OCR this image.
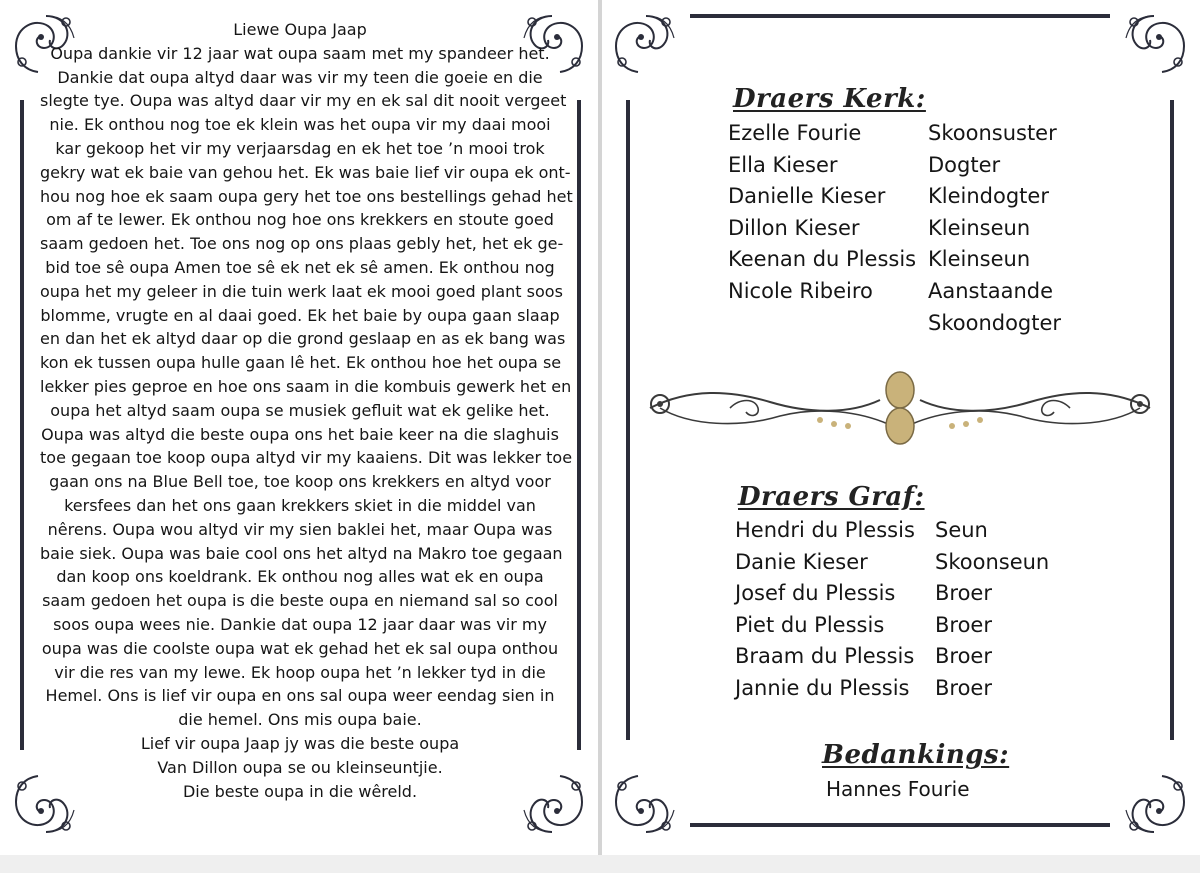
Liewe Oupa Jaap
Oupa dankie vir 12 jaar wat oupa saam met my spandeer het.
Dankie dat oupa altyd daar was vir my teen die goeie en die
slegte tye. Oupa was altyd daar vir my en ek sal dit nooit vergeet
nie. Ek onthou nog toe ek klein was het oupa vir my daai mooi
kar gekoop het vir my verjaarsdag en ek het toe ’n mooi trok
gekry wat ek baie van gehou het. Ek was baie lief vir oupa ek ont-
hou nog hoe ek saam oupa gery het toe ons bestellings gehad het
om af te lewer. Ek onthou nog hoe ons krekkers en stoute goed
saam gedoen het. Toe ons nog op ons plaas gebly het, het ek ge-
bid toe sê oupa Amen toe sê ek net ek sê amen. Ek onthou nog
oupa het my geleer in die tuin werk laat ek mooi goed plant soos
blomme, vrugte en al daai goed. Ek het baie by oupa gaan slaap
en dan het ek altyd daar op die grond geslaap en as ek bang was
kon ek tussen oupa hulle gaan lê het. Ek onthou hoe het oupa se
lekker pies geproe en hoe ons saam in die kombuis gewerk het en
oupa het altyd saam oupa se musiek gefluit wat ek gelike het.
Oupa was altyd die beste oupa ons het baie keer na die slaghuis
toe gegaan toe koop oupa altyd vir my kaaiens. Dit was lekker toe
gaan ons na Blue Bell toe, toe koop ons krekkers en altyd voor
kersfees dan het ons gaan krekkers skiet in die middel van
nêrens. Oupa wou altyd vir my sien baklei het, maar Oupa was
baie siek. Oupa was baie cool ons het altyd na Makro toe gegaan
dan koop ons koeldrank. Ek onthou nog alles wat ek en oupa
saam gedoen het oupa is die beste oupa en niemand sal so cool
soos oupa wees nie. Dankie dat oupa 12 jaar daar was vir my
oupa was die coolste oupa wat ek gehad het ek sal oupa onthou
vir die res van my lewe. Ek hoop oupa het ’n lekker tyd in die
Hemel. Ons is lief vir oupa en ons sal oupa weer eendag sien in
die hemel. Ons mis oupa baie.
Lief vir oupa Jaap jy was die beste oupa
Van Dillon oupa se ou kleinseuntjie.
Die beste oupa in die wêreld.
Draers Kerk:
Ezelle Fourie	Skoonsuster
Ella Kieser	Dogter
Danielle Kieser	Kleindogter
Dillon Kieser	Kleinseun
Keenan du Plessis Kleinseun
Nicole Ribeiro	Aanstaande
Skoondogter
Draers Graf:
Hendri du Plessis Seun
Danie Kieser	Skoonseun
Josef du Plessis	Broer
Piet du Plessis	Broer
Braam du Plessis Broer
Jannie du Plessis	Broer
Bedankings:
Hannes Fourie
